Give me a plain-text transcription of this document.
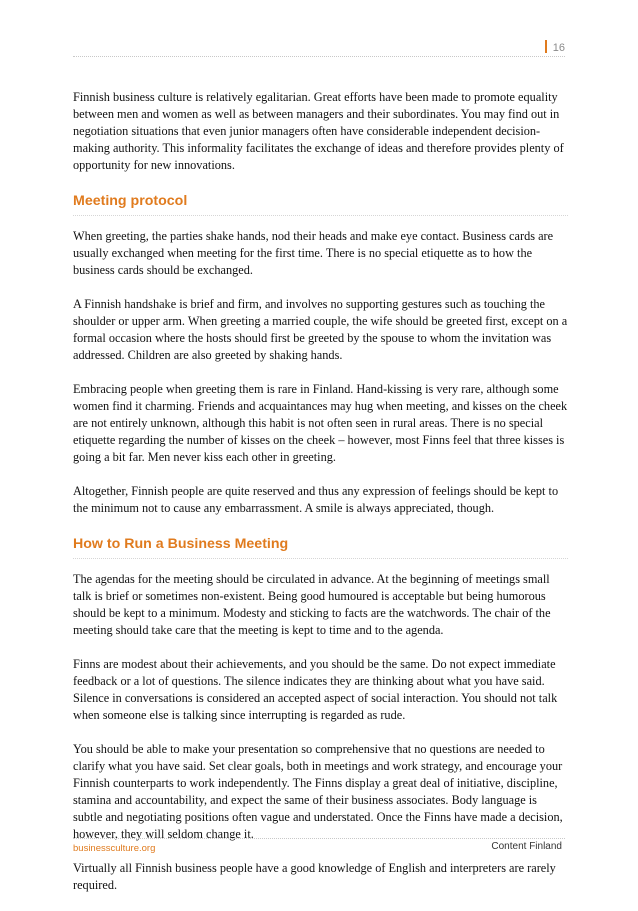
16

Finnish business culture is relatively egalitarian. Great efforts have been made to promote equality between men and women as well as between managers and their subordinates. You may find out in negotiation situations that even junior managers often have considerable independent decision-making authority. This informality facilitates the exchange of ideas and therefore provides plenty of opportunity for new innovations.

Meeting protocol

When greeting, the parties shake hands, nod their heads and make eye contact. Business cards are usually exchanged when meeting for the first time. There is no special etiquette as to how the business cards should be exchanged.

A Finnish handshake is brief and firm, and involves no supporting gestures such as touching the shoulder or upper arm. When greeting a married couple, the wife should be greeted first, except on a formal occasion where the hosts should first be greeted by the spouse to whom the invitation was addressed. Children are also greeted by shaking hands.

Embracing people when greeting them is rare in Finland. Hand-kissing is very rare, although some women find it charming. Friends and acquaintances may hug when meeting, and kisses on the cheek are not entirely unknown, although this habit is not often seen in rural areas. There is no special etiquette regarding the number of kisses on the cheek – however, most Finns feel that three kisses is going a bit far. Men never kiss each other in greeting.

Altogether, Finnish people are quite reserved and thus any expression of feelings should be kept to the minimum not to cause any embarrassment. A smile is always appreciated, though.

How to Run a Business Meeting

The agendas for the meeting should be circulated in advance. At the beginning of meetings small talk is brief or sometimes non-existent. Being good humoured is acceptable but being humorous should be kept to a minimum. Modesty and sticking to facts are the watchwords. The chair of the meeting should take care that the meeting is kept to time and to the agenda.

Finns are modest about their achievements, and you should be the same. Do not expect immediate feedback or a lot of questions. The silence indicates they are thinking about what you have said. Silence in conversations is considered an accepted aspect of social interaction. You should not talk when someone else is talking since interrupting is regarded as rude.

You should be able to make your presentation so comprehensive that no questions are needed to clarify what you have said. Set clear goals, both in meetings and work strategy, and encourage your Finnish counterparts to work independently. The Finns display a great deal of initiative, discipline, stamina and accountability, and expect the same of their business associates. Body language is subtle and negotiating positions often vague and understated. Once the Finns have made a decision, however, they will seldom change it.

Virtually all Finnish business people have a good knowledge of English and interpreters are rarely required.

businessculture.org	Content Finland
